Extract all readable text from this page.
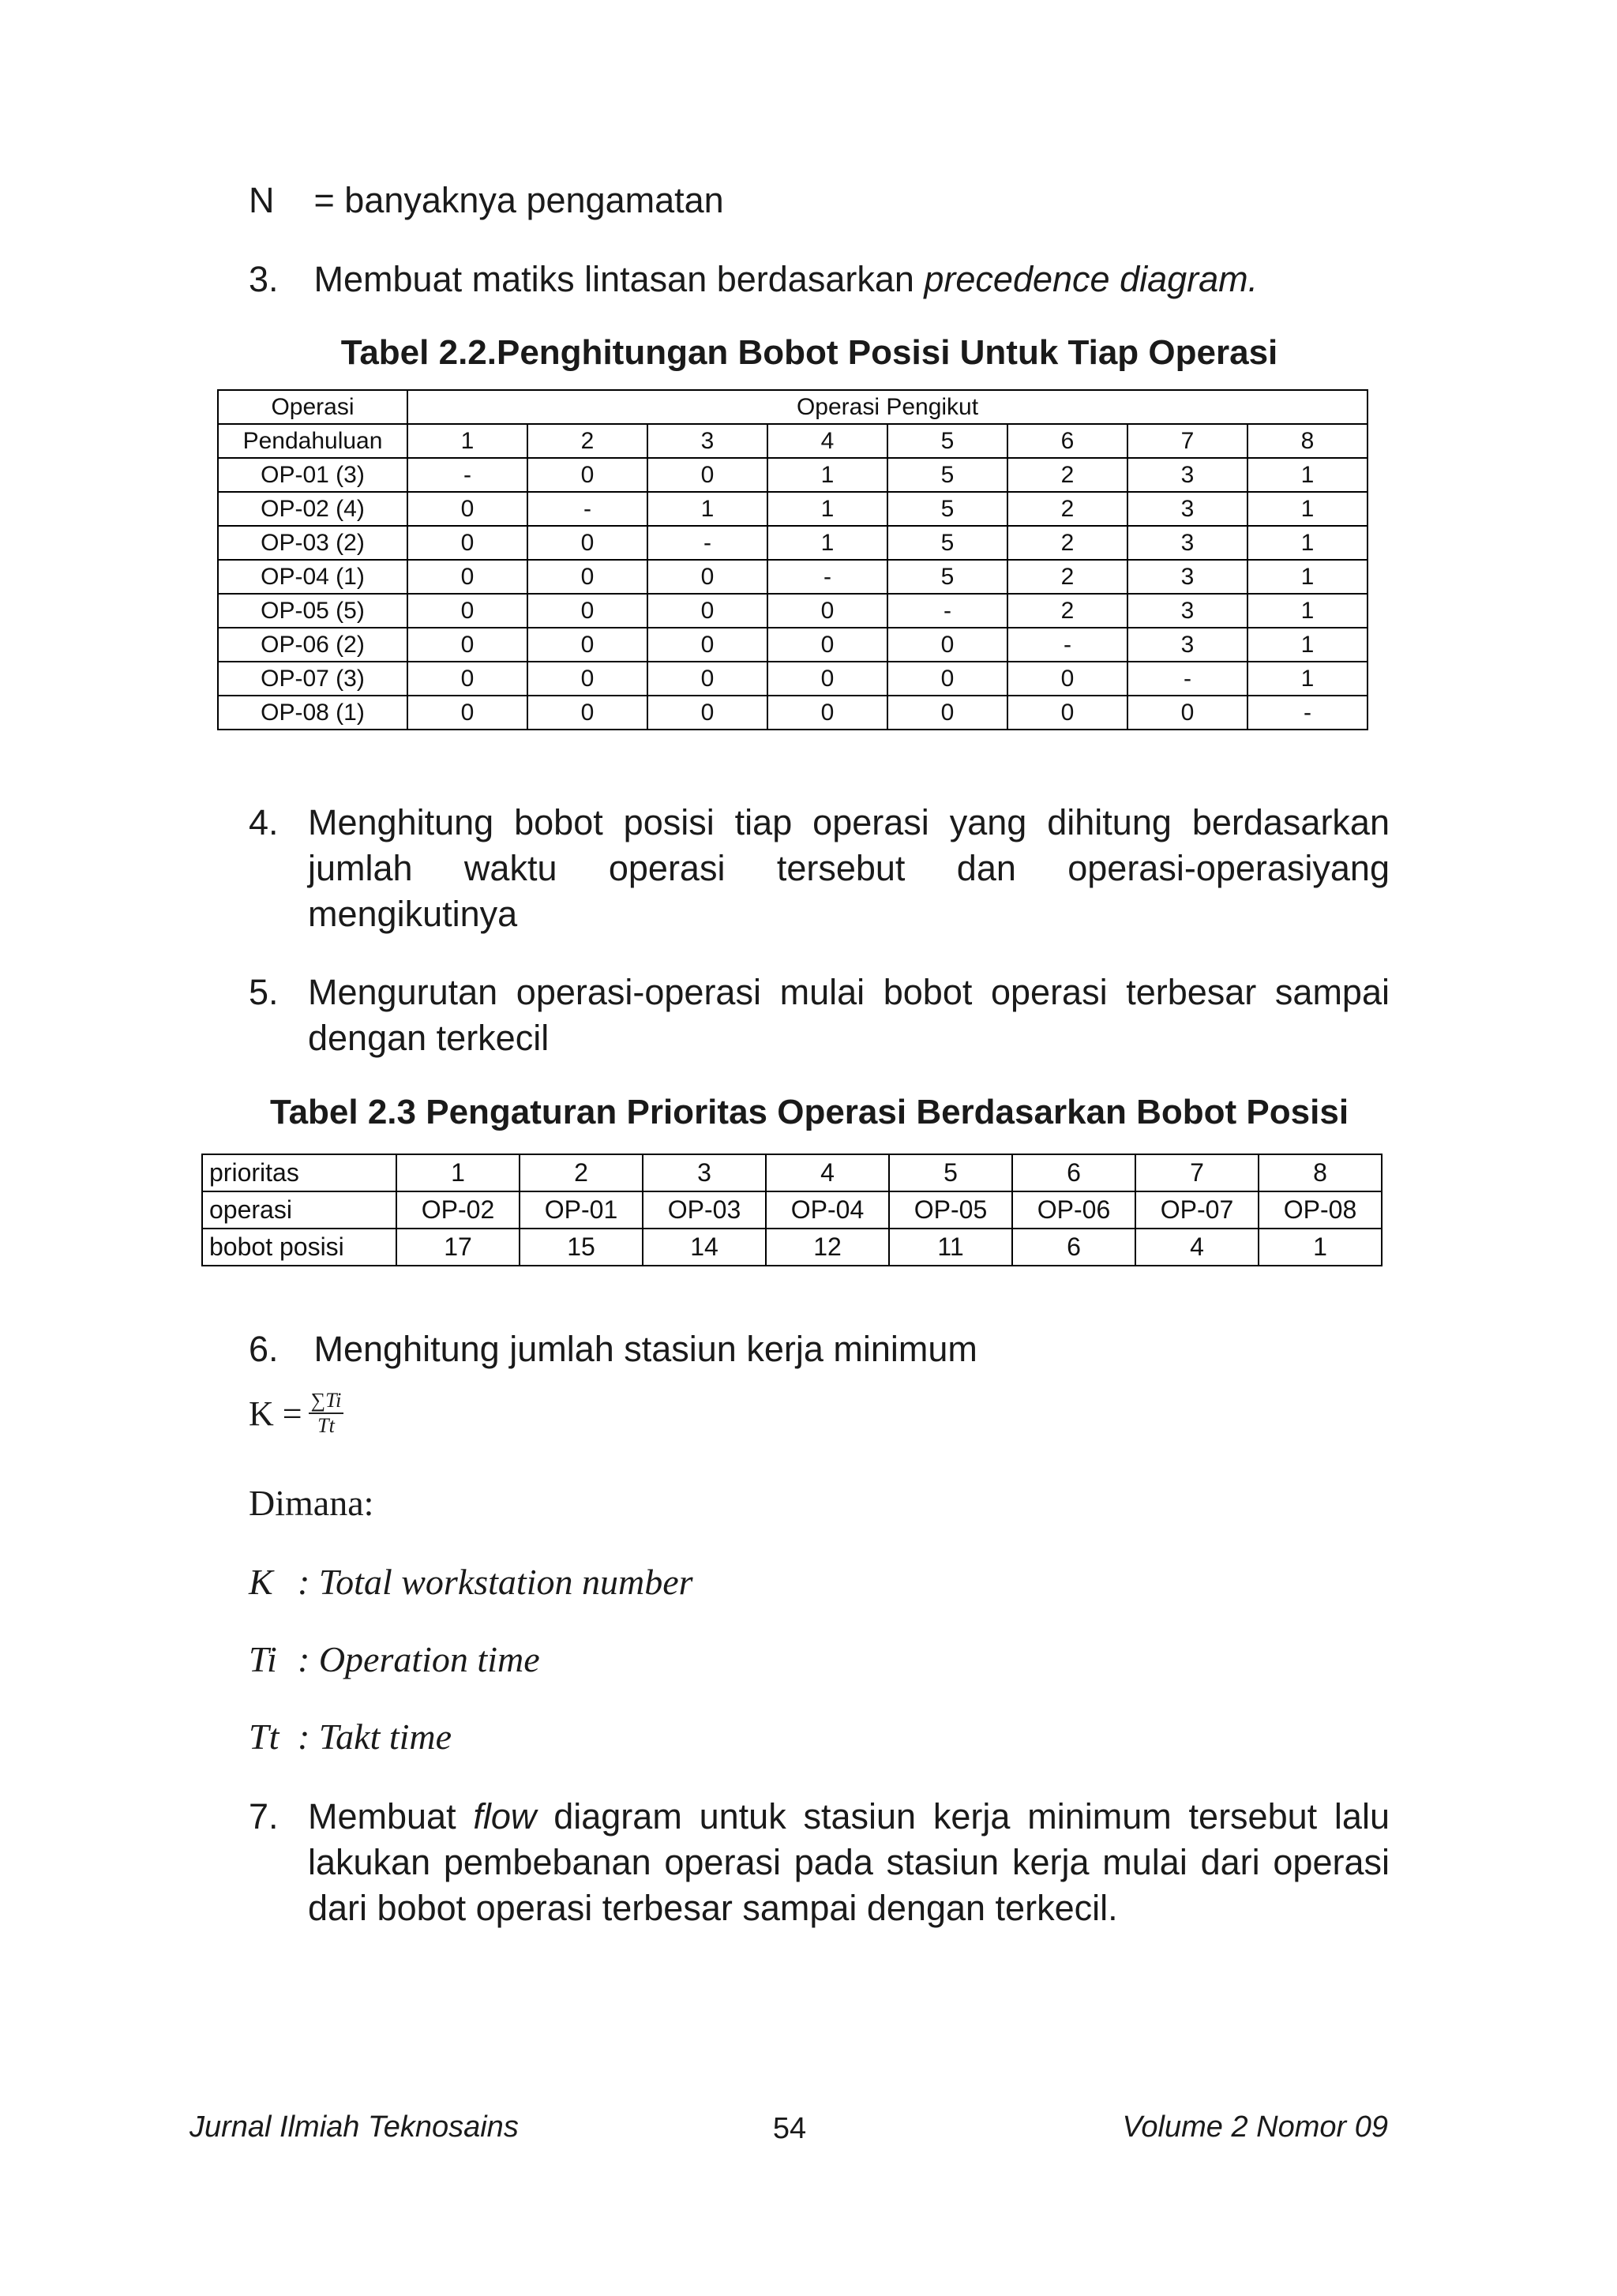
N = banyaknya pengamatan
3. Membuat matiks lintasan berdasarkan precedence diagram.
Tabel 2.2.Penghitungan Bobot Posisi Untuk Tiap Operasi
Operasi	Operasi Pengikut							
Pendahuluan	1	2	3	4	5	6	7	8
OP-01 (3)	-	0	0	1	5	2	3	1
OP-02 (4)	0	-	1	1	5	2	3	1
OP-03 (2)	0	0	-	1	5	2	3	1
OP-04 (1)	0	0	0	-	5	2	3	1
OP-05 (5)	0	0	0	0	-	2	3	1
OP-06 (2)	0	0	0	0	0	-	3	1
OP-07 (3)	0	0	0	0	0	0	-	1
OP-08 (1)	0	0	0	0	0	0	0	-
4. Menghitung bobot posisi tiap operasi yang dihitung berdasarkan jumlah waktu operasi tersebut dan operasi-operasiyang mengikutinya
5. Mengurutan operasi-operasi mulai bobot operasi terbesar sampai dengan terkecil
Tabel 2.3 Pengaturan Prioritas Operasi Berdasarkan Bobot Posisi
prioritas	1	2	3	4	5	6	7	8
operasi	OP-02	OP-01	OP-03	OP-04	OP-05	OP-06	OP-07	OP-08
bobot posisi	17	15	14	12	11	6	4	1
6. Menghitung jumlah stasiun kerja minimum
$K = \frac{\sum Ti}{Tt}$
Dimana:
K : Total workstation number
Ti : Operation time
Tt : Takt time
7. Membuat flow diagram untuk stasiun kerja minimum tersebut lalu lakukan pembebanan operasi pada stasiun kerja mulai dari operasi dari bobot operasi terbesar sampai dengan terkecil.
Jurnal Ilmiah Teknosains	54	Volume 2 Nomor 09
